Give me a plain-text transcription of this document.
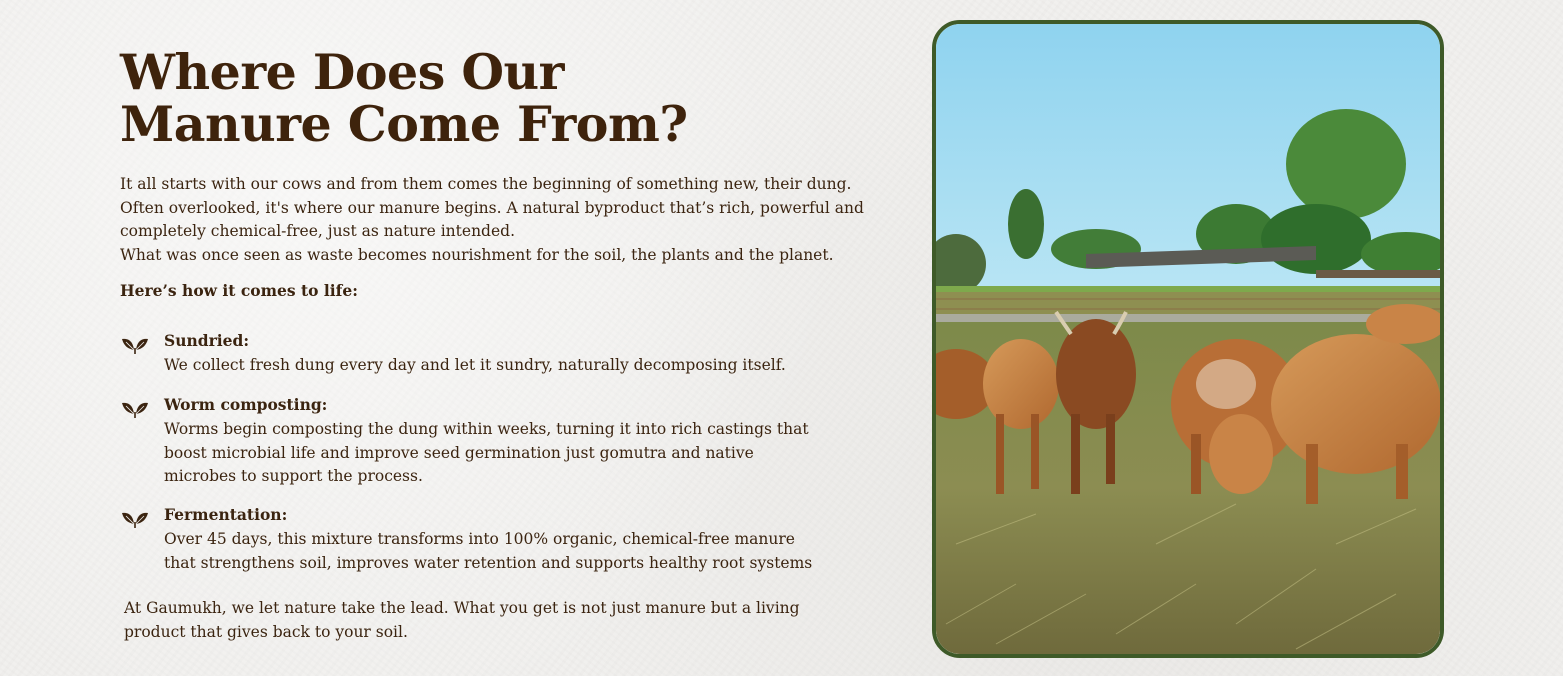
Where Does Our
Manure Come From?
It all starts with our cows and from them comes the beginning of something new, their dung.
Often overlooked, it's where our manure begins. A natural byproduct that’s rich, powerful and
completely chemical-free, just as nature intended.
What was once seen as waste becomes nourishment for the soil, the plants and the planet.
Here’s how it comes to life:
Sundried:
We collect fresh dung every day and let it sundry, naturally decomposing itself.
Worm composting:
Worms begin composting the dung within weeks, turning it into rich castings that
boost microbial life and improve seed germination just gomutra and native
microbes to support the process.
Fermentation:
Over 45 days, this mixture transforms into 100% organic, chemical-free manure
that strengthens soil, improves water retention and supports healthy root systems
At Gaumukh, we let nature take the lead. What you get is not just manure but a living
product that gives back to your soil.
